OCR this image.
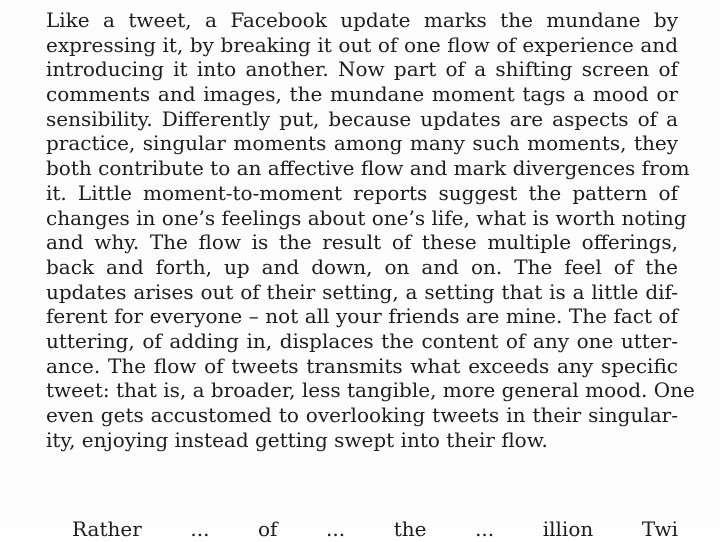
Like a tweet, a Facebook update marks the mundane by
expressing it, by breaking it out of one flow of experience and
introducing it into another. Now part of a shifting screen of
comments and images, the mundane moment tags a mood or
sensibility. Differently put, because updates are aspects of a
practice, singular moments among many such moments, they
both contribute to an affective flow and mark divergences from
it. Little moment-to-moment reports suggest the pattern of
changes in one’s feelings about one’s life, what is worth noting
and why. The flow is the result of these multiple offerings,
back and forth, up and down, on and on. The feel of the
updates arises out of their setting, a setting that is a little dif-
ferent for everyone – not all your friends are mine. The fact of
uttering, of adding in, displaces the content of any one utter-
ance. The flow of tweets transmits what exceeds any specific
tweet: that is, a broader, less tangible, more general mood. One
even gets accustomed to overlooking tweets in their singular-
ity, enjoying instead getting swept into their flow.

Rather ... of ... the ... illion Twi
